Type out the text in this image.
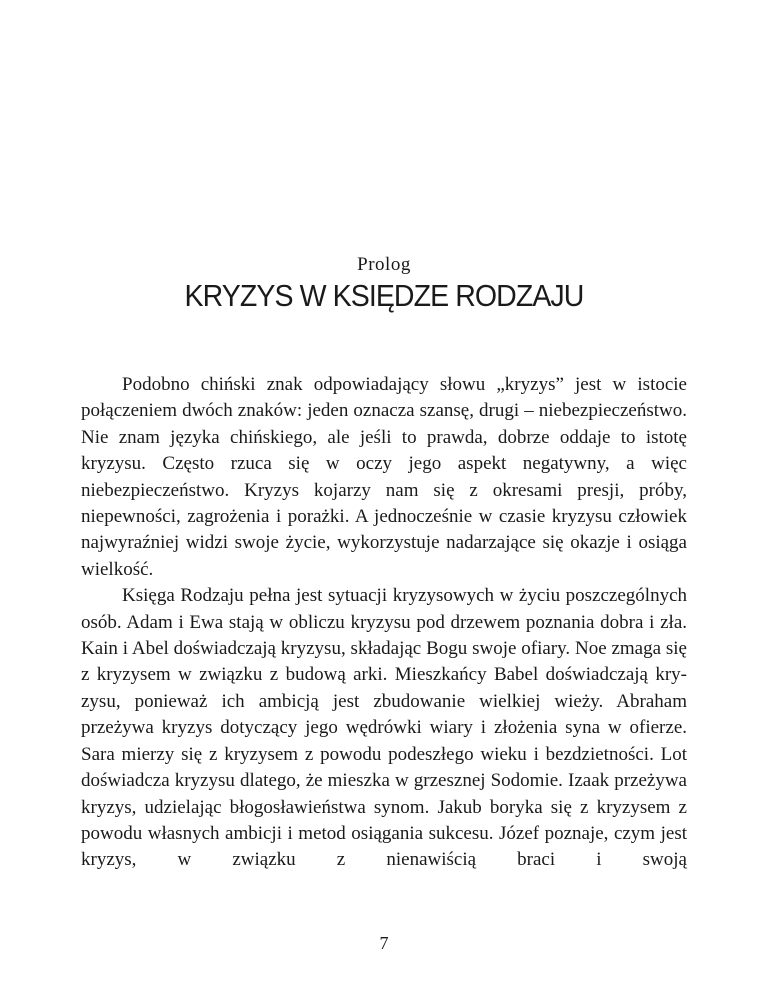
Prolog
KRYZYS W KSIĘDZE RODZAJU

Podobno chiński znak odpowiadający słowu „kryzys” jest w istocie połączeniem dwóch znaków: jeden oznacza szansę, drugi – niebezpieczeństwo. Nie znam języka chińskiego, ale jeśli to prawda, dobrze oddaje to istotę kryzysu. Często rzuca się w oczy jego aspekt negatywny, a więc niebezpieczeństwo. Kryzys kojarzy nam się z okresami presji, próby, niepewności, zagrożenia i porażki. A jednocześnie w czasie kryzysu człowiek najwyraźniej widzi swoje życie, wykorzystuje nadarzające się okazje i osiąga wielkość.

Księga Rodzaju pełna jest sytuacji kryzysowych w życiu poszczególnych osób. Adam i Ewa stają w obliczu kryzysu pod drzewem poznania dobra i zła. Kain i Abel doświadczają kryzysu, składając Bogu swoje ofiary. Noe zmaga się z kryzysem w związku z budową arki. Mieszkańcy Babel doświadczają kryzysu, ponieważ ich ambicją jest zbudowanie wielkiej wieży. Abraham przeżywa kryzys dotyczący jego wędrówki wiary i złożenia syna w ofierze. Sara mierzy się z kryzysem z powodu podeszłego wieku i bezdzietności. Lot doświadcza kryzysu dlatego, że mieszka w grzesznej Sodomie. Izaak przeżywa kryzys, udzielając błogosławieństwa synom. Jakub boryka się z kryzysem z powodu własnych ambicji i metod osiągania sukcesu. Józef poznaje, czym jest kryzys, w związku z nienawiścią braci i swoją

7
